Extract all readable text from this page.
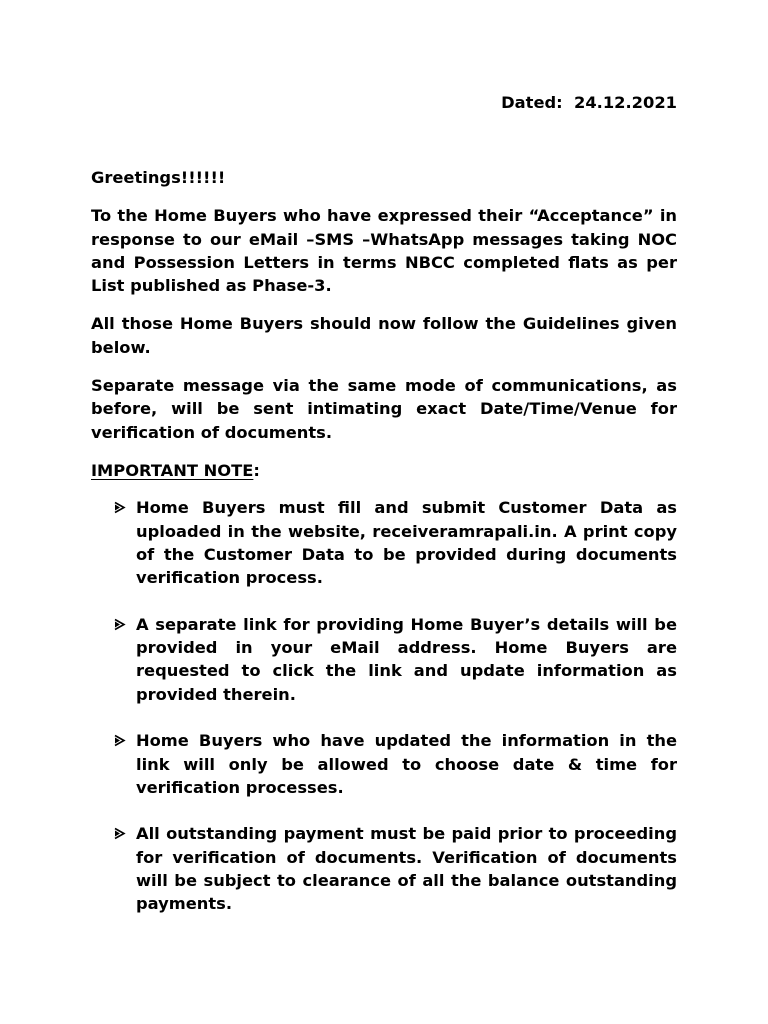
Dated:  24.12.2021

Greetings!!!!!!

To the Home Buyers who have expressed their “Acceptance” in response to our eMail –SMS –WhatsApp messages taking NOC and Possession Letters in terms NBCC completed flats as per List published as Phase-3.

All those Home Buyers should now follow the Guidelines given below.

Separate message via the same mode of communications, as before, will be sent intimating exact Date/Time/Venue for verification of documents.

IMPORTANT NOTE:

Home Buyers must fill and submit Customer Data as uploaded in the website, receiveramrapali.in. A print copy of the Customer Data to be provided during documents verification process.
A separate link for providing Home Buyer’s details will be provided in your eMail address. Home Buyers are requested to click the link and update information as provided therein.
Home Buyers who have updated the information in the link will only be allowed to choose date & time for verification processes.
All outstanding payment must be paid prior to proceeding for verification of documents. Verification of documents will be subject to clearance of all the balance outstanding payments.
